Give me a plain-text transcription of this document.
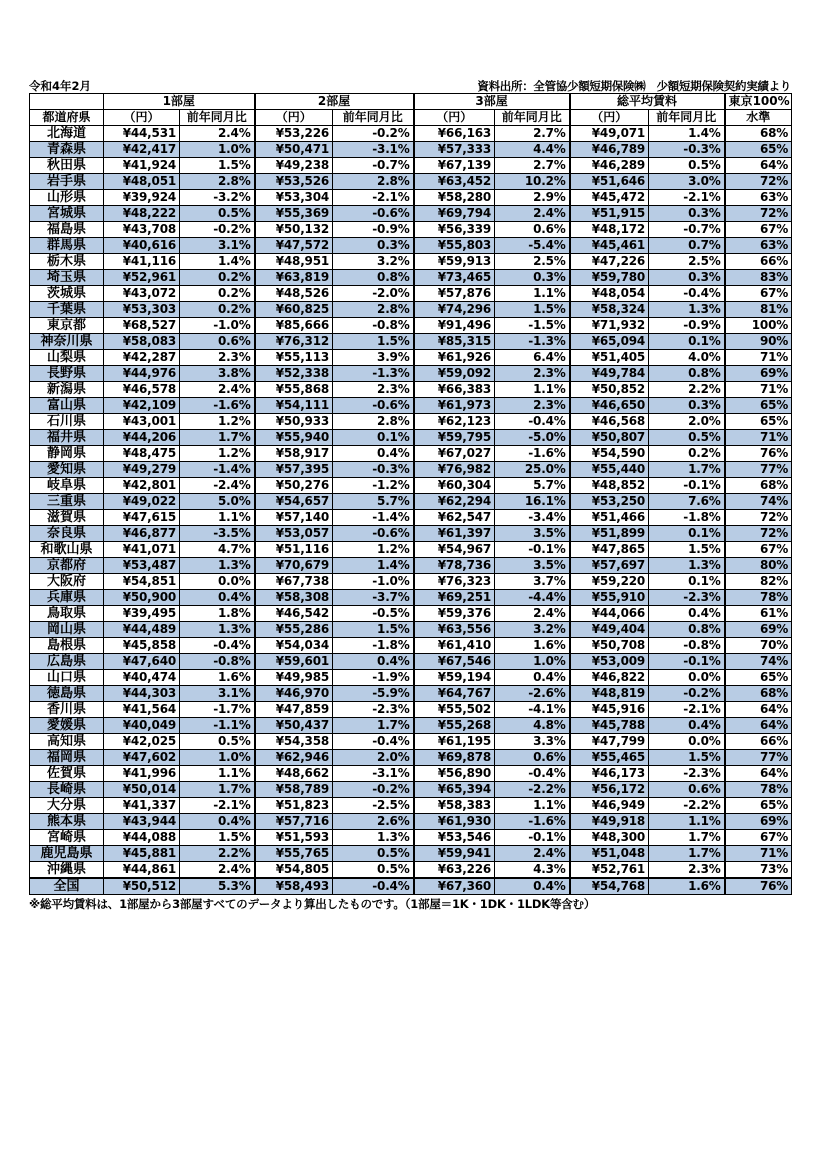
令和4年2月	資料出所：全管協少額短期保険㈱　少額短期保険契約実績より
	1部屋		2部屋		3部屋		総平均賃料		東京100%
都道府県	（円）	前年同月比	（円）	前年同月比	（円）	前年同月比	（円）	前年同月比	水準
北海道	¥44,531	2.4%	¥53,226	-0.2%	¥66,163	2.7%	¥49,071	1.4%	68%
青森県	¥42,417	1.0%	¥50,471	-3.1%	¥57,333	4.4%	¥46,789	-0.3%	65%
秋田県	¥41,924	1.5%	¥49,238	-0.7%	¥67,139	2.7%	¥46,289	0.5%	64%
岩手県	¥48,051	2.8%	¥53,526	2.8%	¥63,452	10.2%	¥51,646	3.0%	72%
山形県	¥39,924	-3.2%	¥53,304	-2.1%	¥58,280	2.9%	¥45,472	-2.1%	63%
宮城県	¥48,222	0.5%	¥55,369	-0.6%	¥69,794	2.4%	¥51,915	0.3%	72%
福島県	¥43,708	-0.2%	¥50,132	-0.9%	¥56,339	0.6%	¥48,172	-0.7%	67%
群馬県	¥40,616	3.1%	¥47,572	0.3%	¥55,803	-5.4%	¥45,461	0.7%	63%
栃木県	¥41,116	1.4%	¥48,951	3.2%	¥59,913	2.5%	¥47,226	2.5%	66%
埼玉県	¥52,961	0.2%	¥63,819	0.8%	¥73,465	0.3%	¥59,780	0.3%	83%
茨城県	¥43,072	0.2%	¥48,526	-2.0%	¥57,876	1.1%	¥48,054	-0.4%	67%
千葉県	¥53,303	0.2%	¥60,825	2.8%	¥74,296	1.5%	¥58,324	1.3%	81%
東京都	¥68,527	-1.0%	¥85,666	-0.8%	¥91,496	-1.5%	¥71,932	-0.9%	100%
神奈川県	¥58,083	0.6%	¥76,312	1.5%	¥85,315	-1.3%	¥65,094	0.1%	90%
山梨県	¥42,287	2.3%	¥55,113	3.9%	¥61,926	6.4%	¥51,405	4.0%	71%
長野県	¥44,976	3.8%	¥52,338	-1.3%	¥59,092	2.3%	¥49,784	0.8%	69%
新潟県	¥46,578	2.4%	¥55,868	2.3%	¥66,383	1.1%	¥50,852	2.2%	71%
富山県	¥42,109	-1.6%	¥54,111	-0.6%	¥61,973	2.3%	¥46,650	0.3%	65%
石川県	¥43,001	1.2%	¥50,933	2.8%	¥62,123	-0.4%	¥46,568	2.0%	65%
福井県	¥44,206	1.7%	¥55,940	0.1%	¥59,795	-5.0%	¥50,807	0.5%	71%
静岡県	¥48,475	1.2%	¥58,917	0.4%	¥67,027	-1.6%	¥54,590	0.2%	76%
愛知県	¥49,279	-1.4%	¥57,395	-0.3%	¥76,982	25.0%	¥55,440	1.7%	77%
岐阜県	¥42,801	-2.4%	¥50,276	-1.2%	¥60,304	5.7%	¥48,852	-0.1%	68%
三重県	¥49,022	5.0%	¥54,657	5.7%	¥62,294	16.1%	¥53,250	7.6%	74%
滋賀県	¥47,615	1.1%	¥57,140	-1.4%	¥62,547	-3.4%	¥51,466	-1.8%	72%
奈良県	¥46,877	-3.5%	¥53,057	-0.6%	¥61,397	3.5%	¥51,899	0.1%	72%
和歌山県	¥41,071	4.7%	¥51,116	1.2%	¥54,967	-0.1%	¥47,865	1.5%	67%
京都府	¥53,487	1.3%	¥70,679	1.4%	¥78,736	3.5%	¥57,697	1.3%	80%
大阪府	¥54,851	0.0%	¥67,738	-1.0%	¥76,323	3.7%	¥59,220	0.1%	82%
兵庫県	¥50,900	0.4%	¥58,308	-3.7%	¥69,251	-4.4%	¥55,910	-2.3%	78%
鳥取県	¥39,495	1.8%	¥46,542	-0.5%	¥59,376	2.4%	¥44,066	0.4%	61%
岡山県	¥44,489	1.3%	¥55,286	1.5%	¥63,556	3.2%	¥49,404	0.8%	69%
島根県	¥45,858	-0.4%	¥54,034	-1.8%	¥61,410	1.6%	¥50,708	-0.8%	70%
広島県	¥47,640	-0.8%	¥59,601	0.4%	¥67,546	1.0%	¥53,009	-0.1%	74%
山口県	¥40,474	1.6%	¥49,985	-1.9%	¥59,194	0.4%	¥46,822	0.0%	65%
徳島県	¥44,303	3.1%	¥46,970	-5.9%	¥64,767	-2.6%	¥48,819	-0.2%	68%
香川県	¥41,564	-1.7%	¥47,859	-2.3%	¥55,502	-4.1%	¥45,916	-2.1%	64%
愛媛県	¥40,049	-1.1%	¥50,437	1.7%	¥55,268	4.8%	¥45,788	0.4%	64%
高知県	¥42,025	0.5%	¥54,358	-0.4%	¥61,195	3.3%	¥47,799	0.0%	66%
福岡県	¥47,602	1.0%	¥62,946	2.0%	¥69,878	0.6%	¥55,465	1.5%	77%
佐賀県	¥41,996	1.1%	¥48,662	-3.1%	¥56,890	-0.4%	¥46,173	-2.3%	64%
長崎県	¥50,014	1.7%	¥58,789	-0.2%	¥65,394	-2.2%	¥56,172	0.6%	78%
大分県	¥41,337	-2.1%	¥51,823	-2.5%	¥58,383	1.1%	¥46,949	-2.2%	65%
熊本県	¥43,944	0.4%	¥57,716	2.6%	¥61,930	-1.6%	¥49,918	1.1%	69%
宮崎県	¥44,088	1.5%	¥51,593	1.3%	¥53,546	-0.1%	¥48,300	1.7%	67%
鹿児島県	¥45,881	2.2%	¥55,765	0.5%	¥59,941	2.4%	¥51,048	1.7%	71%
沖縄県	¥44,861	2.4%	¥54,805	0.5%	¥63,226	4.3%	¥52,761	2.3%	73%
全国	¥50,512	5.3%	¥58,493	-0.4%	¥67,360	0.4%	¥54,768	1.6%	76%
※総平均賃料は、1部屋から3部屋すべてのデータより算出したものです。（1部屋＝1K・1DK・1LDK等含む）
